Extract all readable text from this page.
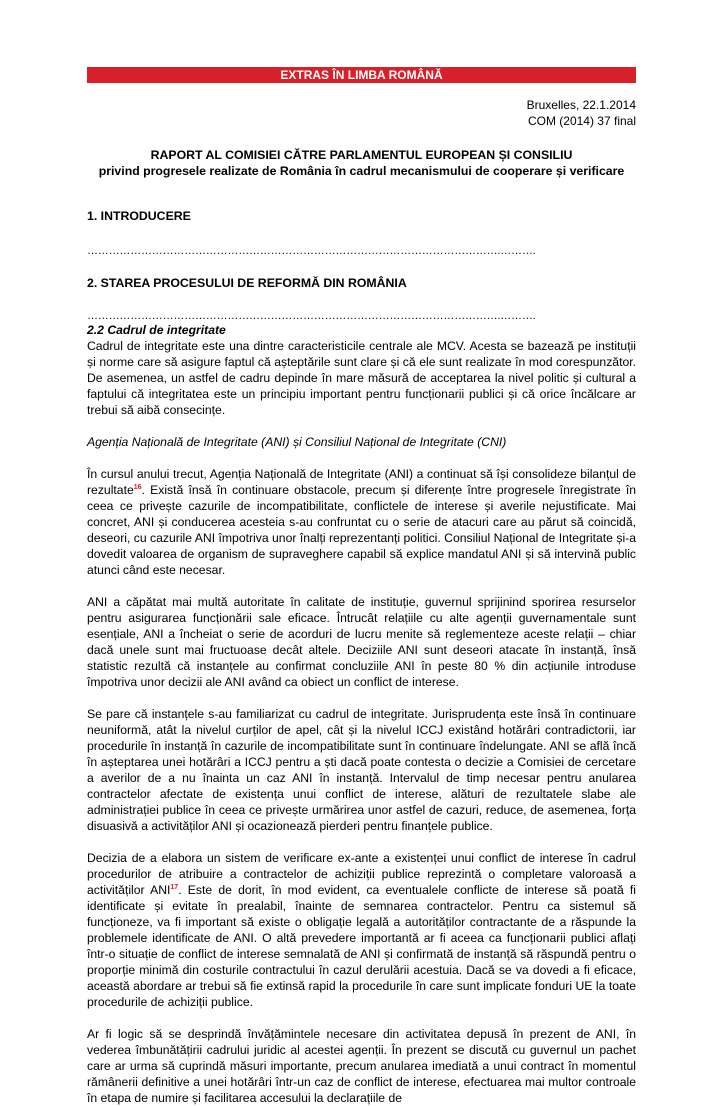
EXTRAS ÎN LIMBA ROMÂNĂ
Bruxelles, 22.1.2014
COM (2014) 37 final
RAPORT AL COMISIEI CĂTRE PARLAMENTUL EUROPEAN ȘI CONSILIU
privind progresele realizate de România în cadrul mecanismului de cooperare și verificare
1. INTRODUCERE
…………………………………………………………………………………………………….……….
2. STAREA PROCESULUI DE REFORMĂ DIN ROMÂNIA
…………………………………………………………………………………………………….……….
2.2 Cadrul de integritate

Cadrul de integritate este una dintre caracteristicile centrale ale MCV. Acesta se bazează pe instituții și norme care să asigure faptul că așteptările sunt clare și că ele sunt realizate în mod corespunzător. De asemenea, un astfel de cadru depinde în mare măsură de acceptarea la nivel politic și cultural a faptului că integritatea este un principiu important pentru funcționarii publici și că orice încălcare ar trebui să aibă consecințe.

Agenția Națională de Integritate (ANI) și Consiliul Național de Integritate (CNI)

În cursul anului trecut, Agenția Națională de Integritate (ANI) a continuat să își consolideze bilanțul de rezultate$^{16}$. Există însă în continuare obstacole, precum și diferențe între progresele înregistrate în ceea ce privește cazurile de incompatibilitate, conflictele de interese și averile nejustificate. Mai concret, ANI și conducerea acesteia s-au confruntat cu o serie de atacuri care au părut să coincidă, deseori, cu cazurile ANI împotriva unor înalți reprezentanți politici. Consiliul Național de Integritate și-a dovedit valoarea de organism de supraveghere capabil să explice mandatul ANI și să intervină public atunci când este necesar.

ANI a căpătat mai multă autoritate în calitate de instituție, guvernul sprijinind sporirea resurselor pentru asigurarea funcționării sale eficace. Întrucât relațiile cu alte agenții guvernamentale sunt esențiale, ANI a încheiat o serie de acorduri de lucru menite să reglementeze aceste relații – chiar dacă unele sunt mai fructuoase decât altele. Deciziile ANI sunt deseori atacate în instanță, însă statistic rezultă că instanțele au confirmat concluziile ANI în peste 80 % din acțiunile introduse împotriva unor decizii ale ANI având ca obiect un conflict de interese.

Se pare că instanțele s-au familiarizat cu cadrul de integritate. Jurisprudența este însă în continuare neuniformă, atât la nivelul curților de apel, cât și la nivelul ICCJ existând hotărâri contradictorii, iar procedurile în instanță în cazurile de incompatibilitate sunt în continuare îndelungate. ANI se află încă în așteptarea unei hotărâri a ICCJ pentru a ști dacă poate contesta o decizie a Comisiei de cercetare a averilor de a nu înainta un caz ANI în instanță. Intervalul de timp necesar pentru anularea contractelor afectate de existența unui conflict de interese, alături de rezultatele slabe ale administrației publice în ceea ce privește urmărirea unor astfel de cazuri, reduce, de asemenea, forța disuasivă a activităților ANI și ocazionează pierderi pentru finanțele publice.

Decizia de a elabora un sistem de verificare ex-ante a existenței unui conflict de interese în cadrul procedurilor de atribuire a contractelor de achiziții publice reprezintă o completare valoroasă a activităților ANI$^{17}$. Este de dorit, în mod evident, ca eventualele conflicte de interese să poată fi identificate și evitate în prealabil, înainte de semnarea contractelor. Pentru ca sistemul să funcționeze, va fi important să existe o obligație legală a autorităților contractante de a răspunde la problemele identificate de ANI. O altă prevedere importantă ar fi aceea ca funcționarii publici aflați într-o situație de conflict de interese semnalată de ANI și confirmată de instanță să răspundă pentru o proporție minimă din costurile contractului în cazul derulării acestuia. Dacă se va dovedi a fi eficace, această abordare ar trebui să fie extinsă rapid la procedurile în care sunt implicate fonduri UE la toate procedurile de achiziții publice.

Ar fi logic să se desprindă învățămintele necesare din activitatea depusă în prezent de ANI, în vederea îmbunătățirii cadrului juridic al acestei agenții. În prezent se discută cu guvernul un pachet care ar urma să cuprindă măsuri importante, precum anularea imediată a unui contract în momentul rămânerii definitive a unei hotărâri într-un caz de conflict de interese, efectuarea mai multor controale în etapa de numire și facilitarea accesului la declarațiile de
